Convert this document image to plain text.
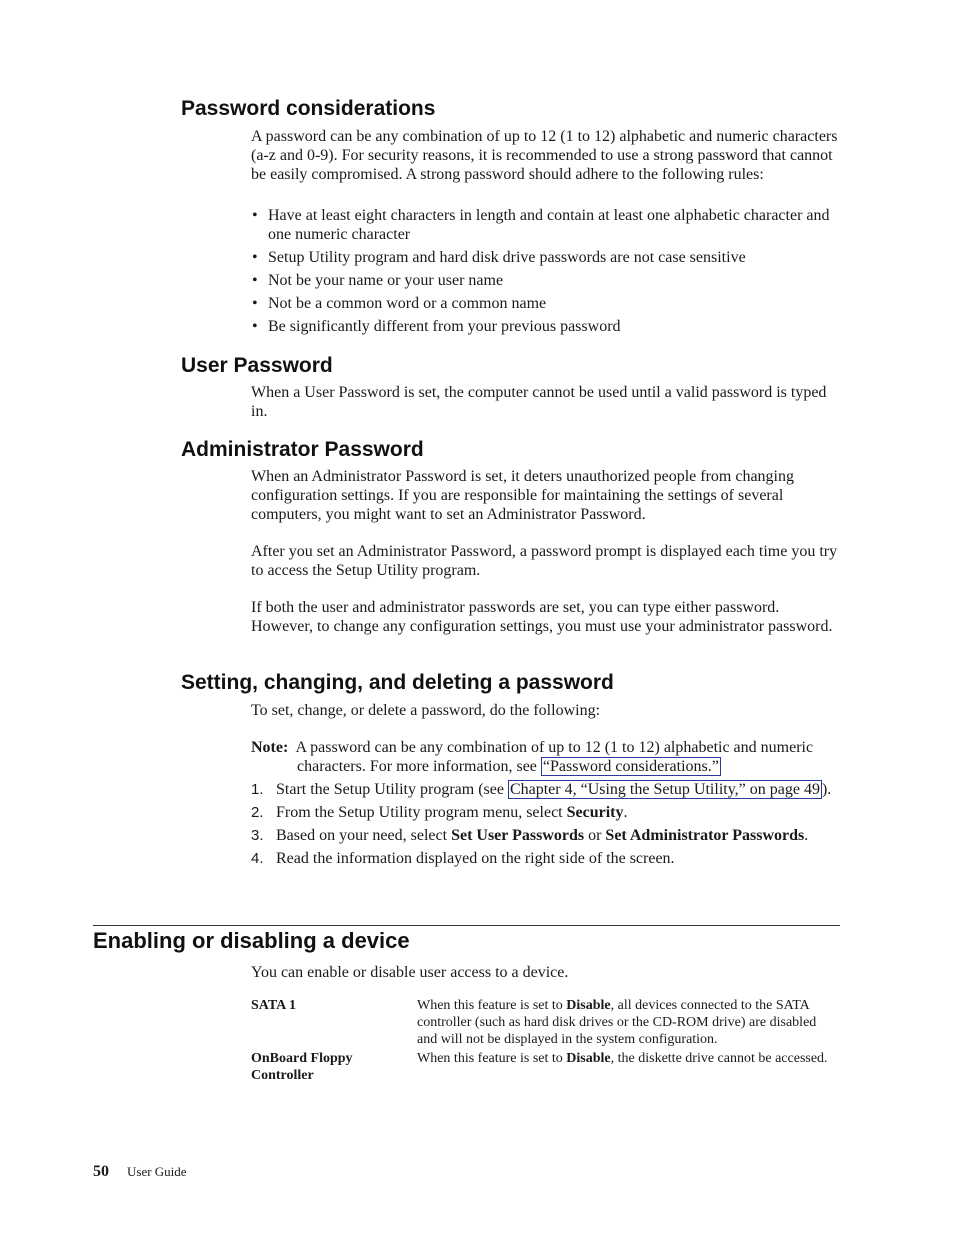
Password considerations

A password can be any combination of up to 12 (1 to 12) alphabetic and numeric characters (a-z and 0-9). For security reasons, it is recommended to use a strong password that cannot be easily compromised. A strong password should adhere to the following rules:

• Have at least eight characters in length and contain at least one alphabetic character and one numeric character
• Setup Utility program and hard disk drive passwords are not case sensitive
• Not be your name or your user name
• Not be a common word or a common name
• Be significantly different from your previous password
User Password

When a User Password is set, the computer cannot be used until a valid password is typed in.

Administrator Password

When an Administrator Password is set, it deters unauthorized people from changing configuration settings. If you are responsible for maintaining the settings of several computers, you might want to set an Administrator Password.

After you set an Administrator Password, a password prompt is displayed each time you try to access the Setup Utility program.

If both the user and administrator passwords are set, you can type either password. However, to change any configuration settings, you must use your administrator password.

Setting, changing, and deleting a password

To set, change, or delete a password, do the following:

Note: A password can be any combination of up to 12 (1 to 12) alphabetic and numeric characters. For more information, see “Password considerations.”
1. Start the Setup Utility program (see Chapter 4, “Using the Setup Utility,” on page 49 ).
2. From the Setup Utility program menu, select Security.
3. Based on your need, select Set User Passwords or Set Administrator Passwords.
4. Read the information displayed on the right side of the screen.
Enabling or disabling a device

You can enable or disable user access to a device.

SATA 1	When this feature is set to Disable, all devices connected to the SATA controller (such as hard disk drives or the CD-ROM drive) are disabled and will not be displayed in the system configuration.
OnBoard Floppy Controller
When this feature is set to Disable, the diskette drive cannot be accessed.
50 User Guide
